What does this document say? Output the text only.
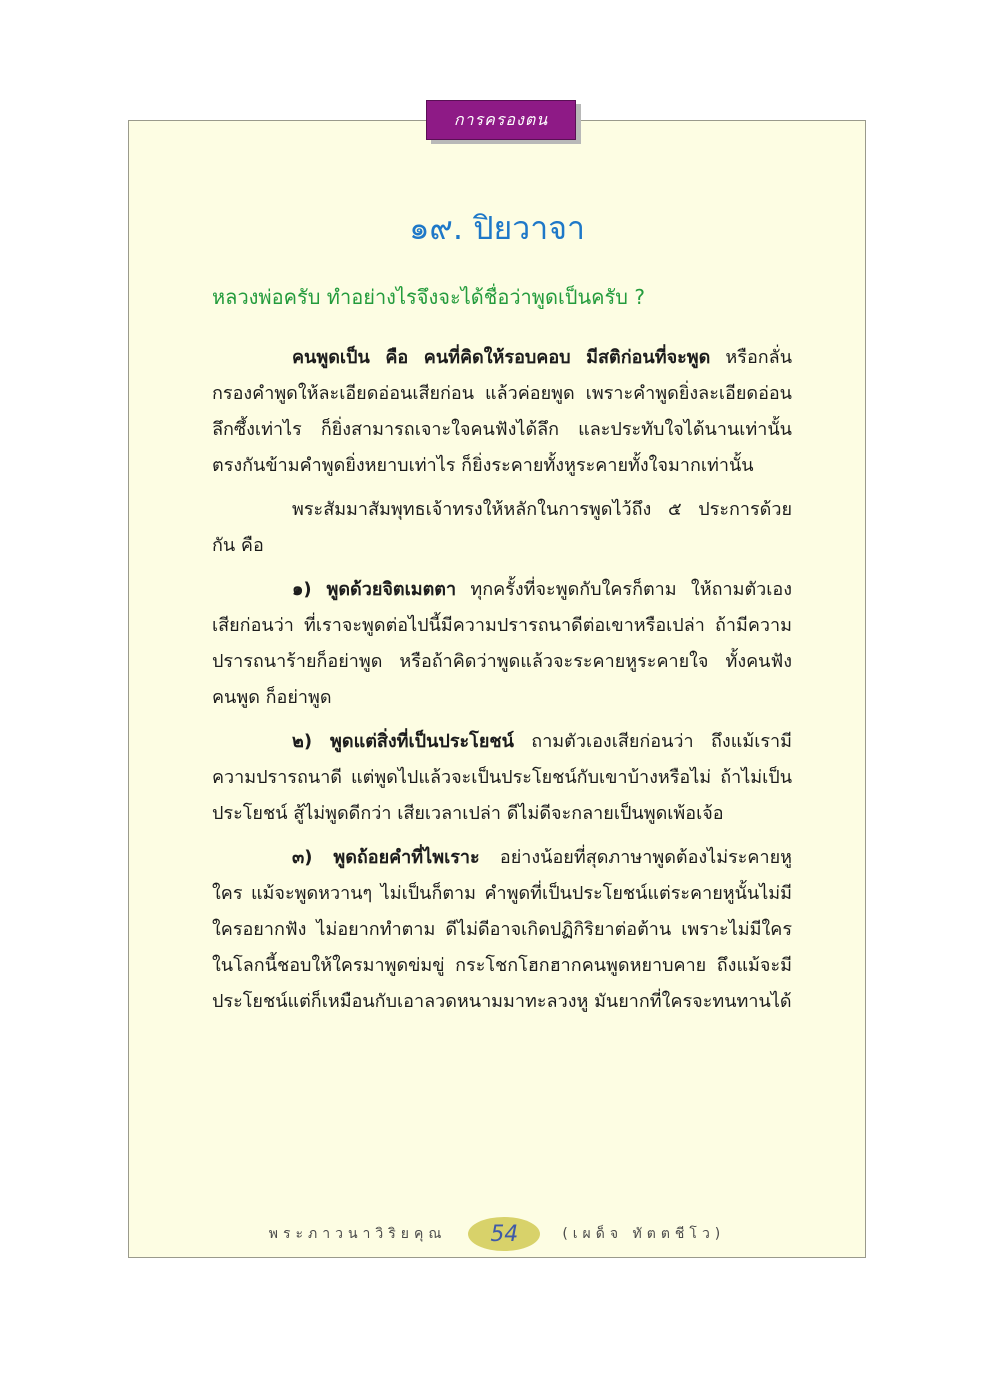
การครองตน
๑๙. ปิยวาจา
หลวงพ่อครับ ทำอย่างไรจึงจะได้ชื่อว่าพูดเป็นครับ ?

คนพูดเป็น คือ คนที่คิดให้รอบคอบ มีสติก่อนที่จะพูด หรือกลั่นกรองคำพูดให้ละเอียดอ่อนเสียก่อน แล้วค่อยพูด เพราะคำพูดยิ่งละเอียดอ่อนลึกซึ้งเท่าไร ก็ยิ่งสามารถเจาะใจคนฟังได้ลึก และประทับใจได้นานเท่านั้น ตรงกันข้ามคำพูดยิ่งหยาบเท่าไร ก็ยิ่งระคายทั้งหูระคายทั้งใจมากเท่านั้น

พระสัมมาสัมพุทธเจ้าทรงให้หลักในการพูดไว้ถึง ๕ ประการด้วยกัน คือ

๑) พูดด้วยจิตเมตตา ทุกครั้งที่จะพูดกับใครก็ตาม ให้ถามตัวเองเสียก่อนว่า ที่เราจะพูดต่อไปนี้มีความปรารถนาดีต่อเขาหรือเปล่า ถ้ามีความปรารถนาร้ายก็อย่าพูด หรือถ้าคิดว่าพูดแล้วจะระคายหูระคายใจ ทั้งคนฟังคนพูด ก็อย่าพูด

๒) พูดแต่สิ่งที่เป็นประโยชน์ ถามตัวเองเสียก่อนว่า ถึงแม้เรามีความปรารถนาดี แต่พูดไปแล้วจะเป็นประโยชน์กับเขาบ้างหรือไม่ ถ้าไม่เป็นประโยชน์ สู้ไม่พูดดีกว่า เสียเวลาเปล่า ดีไม่ดีจะกลายเป็นพูดเพ้อเจ้อ

๓) พูดถ้อยคำที่ไพเราะ อย่างน้อยที่สุดภาษาพูดต้องไม่ระคายหูใคร แม้จะพูดหวานๆ ไม่เป็นก็ตาม คำพูดที่เป็นประโยชน์แต่ระคายหูนั้นไม่มีใครอยากฟัง ไม่อยากทำตาม ดีไม่ดีอาจเกิดปฏิกิริยาต่อต้าน เพราะไม่มีใครในโลกนี้ชอบให้ใครมาพูดข่มขู่ กระโชกโฮกฮากคนพูดหยาบคาย ถึงแม้จะมีประโยชน์แต่ก็เหมือนกับเอาลวดหนามมาทะลวงหู มันยากที่ใครจะทนทานได้

พระภาวนาวิริยคุณ	54	(เผด็จ ทัตตชีโว)
